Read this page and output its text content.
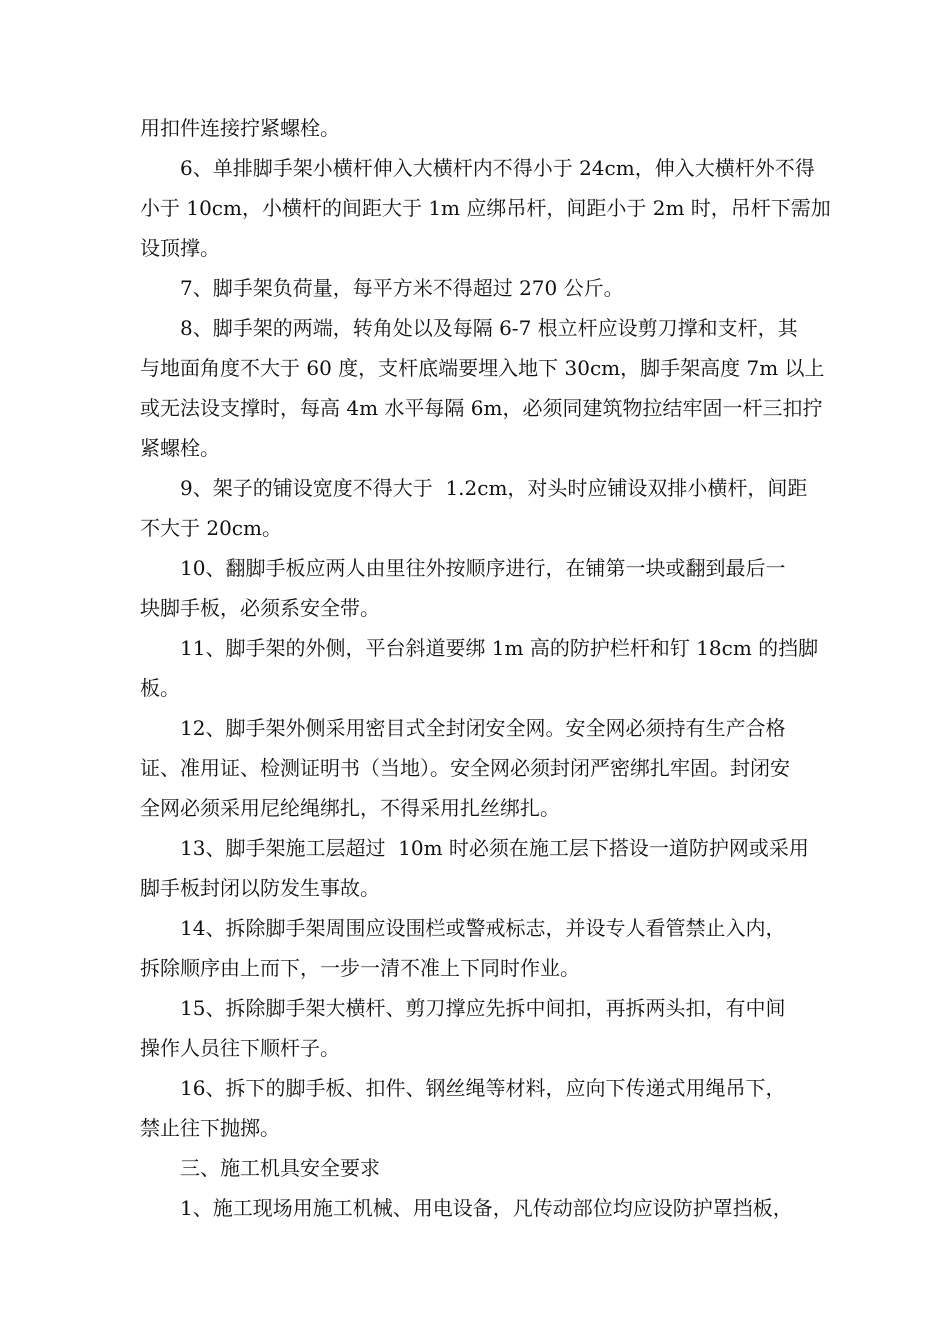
用扣件连接拧紧螺栓。
6、单排脚手架小横杆伸入大横杆内不得小于 24cm，伸入大横杆外不得
小于 10cm，小横杆的间距大于 1m 应绑吊杆，间距小于 2m 时，吊杆下需加
设顶撑。
7、脚手架负荷量，每平方米不得超过 270 公斤。
8、脚手架的两端，转角处以及每隔 6-7 根立杆应设剪刀撑和支杆，其
与地面角度不大于 60 度，支杆底端要埋入地下 30cm，脚手架高度 7m 以上
或无法设支撑时，每高 4m 水平每隔 6m，必须同建筑物拉结牢固一杆三扣拧
紧螺栓。
9、架子的铺设宽度不得大于  1.2cm，对头时应铺设双排小横杆，间距
不大于 20cm。
10、翻脚手板应两人由里往外按顺序进行，在铺第一块或翻到最后一
块脚手板，必须系安全带。
11、脚手架的外侧，平台斜道要绑 1m 高的防护栏杆和钉 18cm 的挡脚
板。
12、脚手架外侧采用密目式全封闭安全网。安全网必须持有生产合格
证、准用证、检测证明书（当地）。安全网必须封闭严密绑扎牢固。封闭安
全网必须采用尼纶绳绑扎，不得采用扎丝绑扎。
13、脚手架施工层超过  10m 时必须在施工层下搭设一道防护网或采用
脚手板封闭以防发生事故。
14、拆除脚手架周围应设围栏或警戒标志，并设专人看管禁止入内，
拆除顺序由上而下，一步一清不准上下同时作业。
15、拆除脚手架大横杆、剪刀撑应先拆中间扣，再拆两头扣，有中间
操作人员往下顺杆子。
16、拆下的脚手板、扣件、钢丝绳等材料，应向下传递式用绳吊下，
禁止往下抛掷。
三、施工机具安全要求
1、施工现场用施工机械、用电设备，凡传动部位均应设防护罩挡板，
